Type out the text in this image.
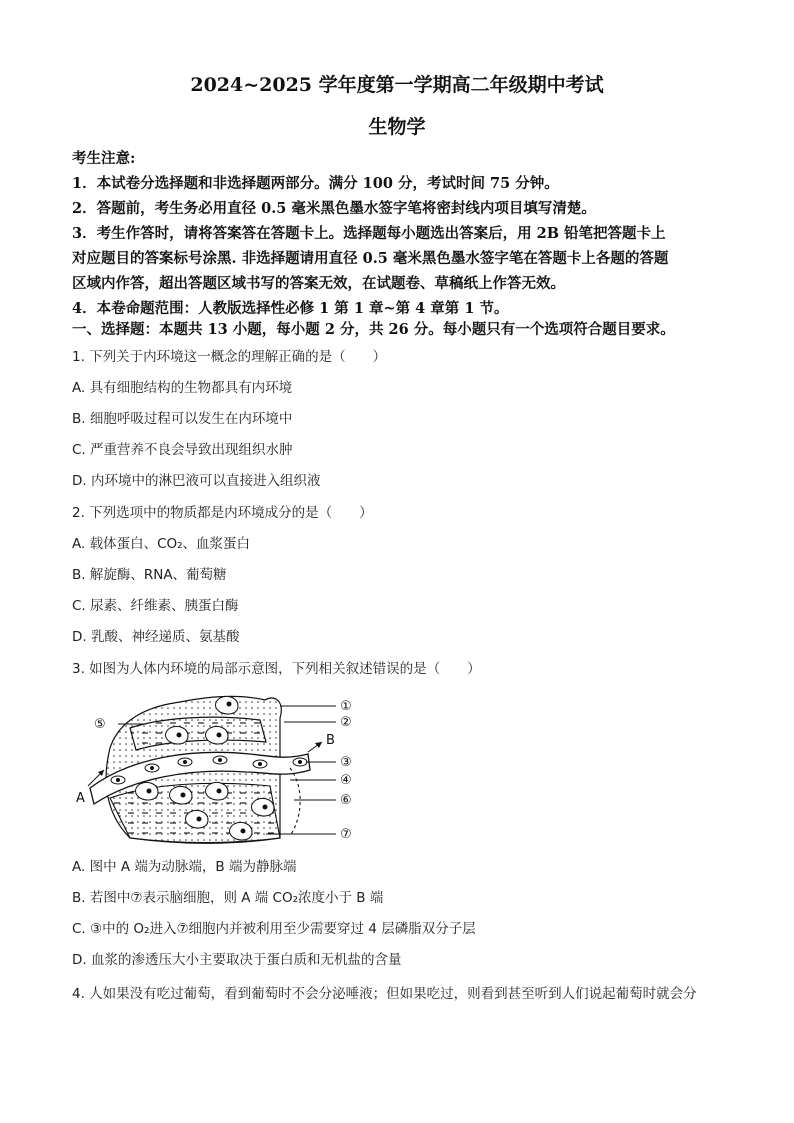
2024~2025 学年度第一学期高二年级期中考试
生物学
考生注意:
1．本试卷分选择题和非选择题两部分。满分 100 分，考试时间 75 分钟。
2．答题前，考生务必用直径 0.5 毫米黑色墨水签字笔将密封线内项目填写清楚。
3．考生作答时，请将答案答在答题卡上。选择题每小题选出答案后，用 2B 铅笔把答题卡上
对应题目的答案标号涂黑. 非选择题请用直径 0.5 毫米黑色墨水签字笔在答题卡上各题的答题
区域内作答，超出答题区域书写的答案无效，在试题卷、草稿纸上作答无效。
4．本卷命题范围：人教版选择性必修 1 第 1 章~第 4 章第 1 节。
一、选择题：本题共 13 小题，每小题 2 分，共 26 分。每小题只有一个选项符合题目要求。
1. 下列关于内环境这一概念的理解正确的是（　　）
A. 具有细胞结构的生物都具有内环境
B. 细胞呼吸过程可以发生在内环境中
C. 严重营养不良会导致出现组织水肿
D. 内环境中的淋巴液可以直接进入组织液
2. 下列选项中的物质都是内环境成分的是（　　）
A. 载体蛋白、CO₂、血浆蛋白
B. 解旋酶、RNA、葡萄糖
C. 尿素、纤维素、胰蛋白酶
D. 乳酸、神经递质、氨基酸
3. 如图为人体内环境的局部示意图，下列相关叙述错误的是（　　）
①
②
③
④
⑤
⑥
⑦
A
B
A. 图中 A 端为动脉端，B 端为静脉端
B. 若图中⑦表示脑细胞，则 A 端 CO₂浓度小于 B 端
C. ③中的 O₂进入⑦细胞内并被利用至少需要穿过 4 层磷脂双分子层
D. 血浆的渗透压大小主要取决于蛋白质和无机盐的含量
4. 人如果没有吃过葡萄，看到葡萄时不会分泌唾液；但如果吃过，则看到甚至听到人们说起葡萄时就会分
